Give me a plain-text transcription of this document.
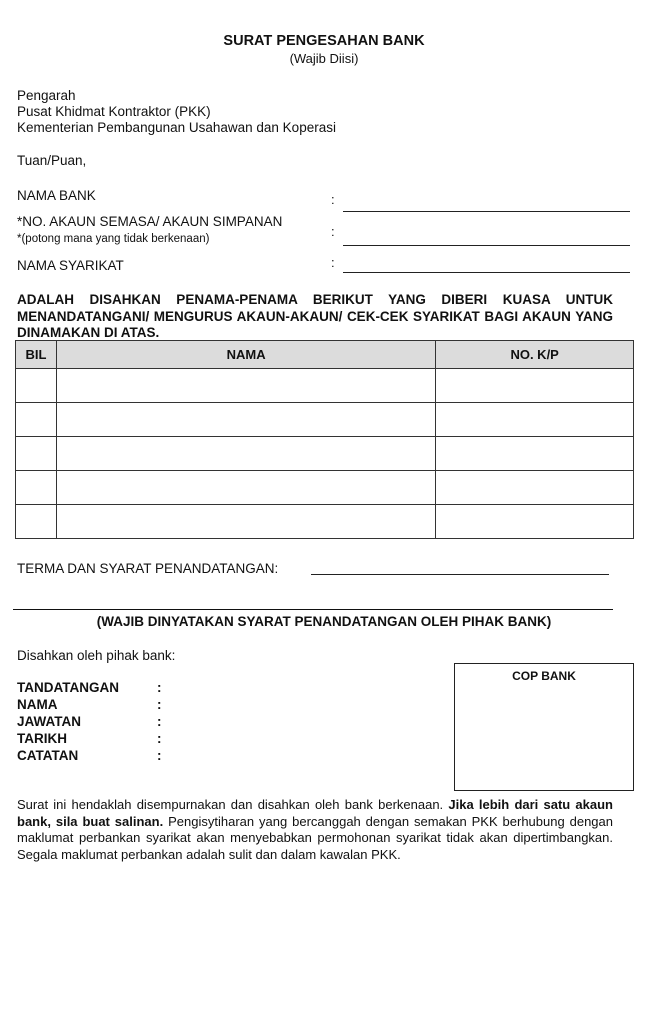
SURAT PENGESAHAN BANK
(Wajib Diisi)
Pengarah
Pusat Khidmat Kontraktor (PKK)
Kementerian Pembangunan Usahawan dan Koperasi
Tuan/Puan,
NAMA BANK	:
*NO. AKAUN SEMASA/ AKAUN SIMPANAN
*(potong mana yang tidak berkenaan)	:
NAMA SYARIKAT	:
ADALAH DISAHKAN PENAMA-PENAMA BERIKUT YANG DIBERI KUASA UNTUK MENANDATANGANI/ MENGURUS AKAUN-AKAUN/ CEK-CEK SYARIKAT BAGI AKAUN YANG DINAMAKAN DI ATAS.
BIL	NAMA	NO. K/P

TERMA DAN SYARAT PENANDATANGAN:
(WAJIB DINYATAKAN SYARAT PENANDATANGAN OLEH PIHAK BANK)
Disahkan oleh pihak bank:
TANDATANGAN	:
NAMA	:
JAWATAN	:
TARIKH	:
CATATAN	:
COP BANK
Surat ini hendaklah disempurnakan dan disahkan oleh bank berkenaan. Jika lebih dari satu akaun bank, sila buat salinan. Pengisytiharan yang bercanggah dengan semakan PKK berhubung dengan maklumat perbankan syarikat akan menyebabkan permohonan syarikat tidak akan dipertimbangkan. Segala maklumat perbankan adalah sulit dan dalam kawalan PKK.
